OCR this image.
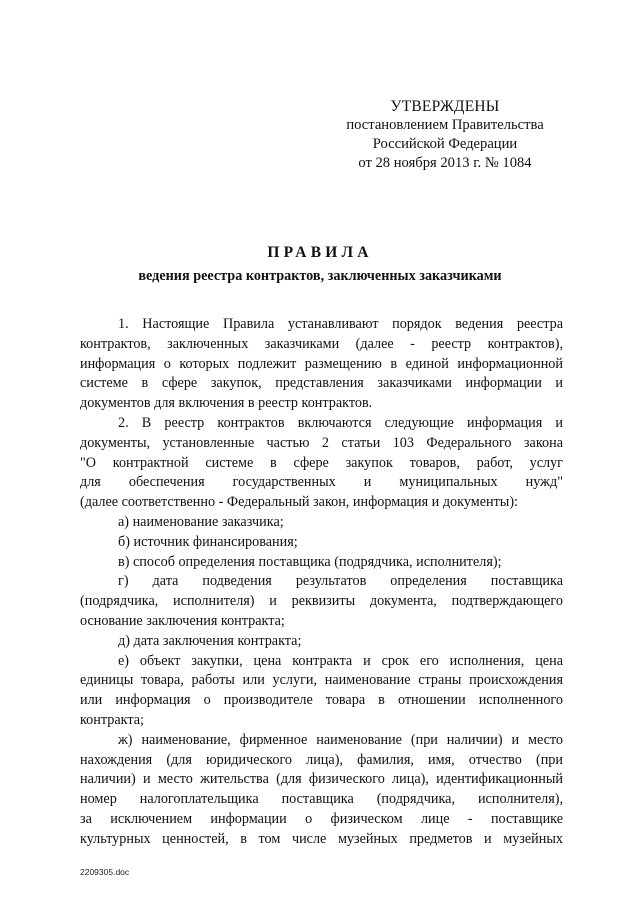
УТВЕРЖДЕНЫ
постановлением Правительства
Российской Федерации
от 28 ноября 2013 г. № 1084
ПРАВИЛА
ведения реестра контрактов, заключенных заказчиками
1. Настоящие Правила устанавливают порядок ведения реестра
контрактов, заключенных заказчиками (далее - реестр контрактов),
информация о которых подлежит размещению в единой информационной
системе в сфере закупок, представления заказчиками информации и
документов для включения в реестр контрактов.
2. В реестр контрактов включаются следующие информация и
документы, установленные частью 2 статьи 103 Федерального закона
"О контрактной системе в сфере закупок товаров, работ, услуг
для обеспечения государственных и муниципальных нужд"
(далее соответственно - Федеральный закон, информация и документы):
а) наименование заказчика;
б) источник финансирования;
в) способ определения поставщика (подрядчика, исполнителя);
г) дата подведения результатов определения поставщика
(подрядчика, исполнителя) и реквизиты документа, подтверждающего
основание заключения контракта;
д) дата заключения контракта;
е) объект закупки, цена контракта и срок его исполнения, цена
единицы товара, работы или услуги, наименование страны происхождения
или информация о производителе товара в отношении исполненного
контракта;
ж) наименование, фирменное наименование (при наличии) и место
нахождения (для юридического лица), фамилия, имя, отчество (при
наличии) и место жительства (для физического лица), идентификационный
номер налогоплательщика поставщика (подрядчика, исполнителя),
за исключением информации о физическом лице - поставщике
культурных ценностей, в том числе музейных предметов и музейных
2209305.doc
